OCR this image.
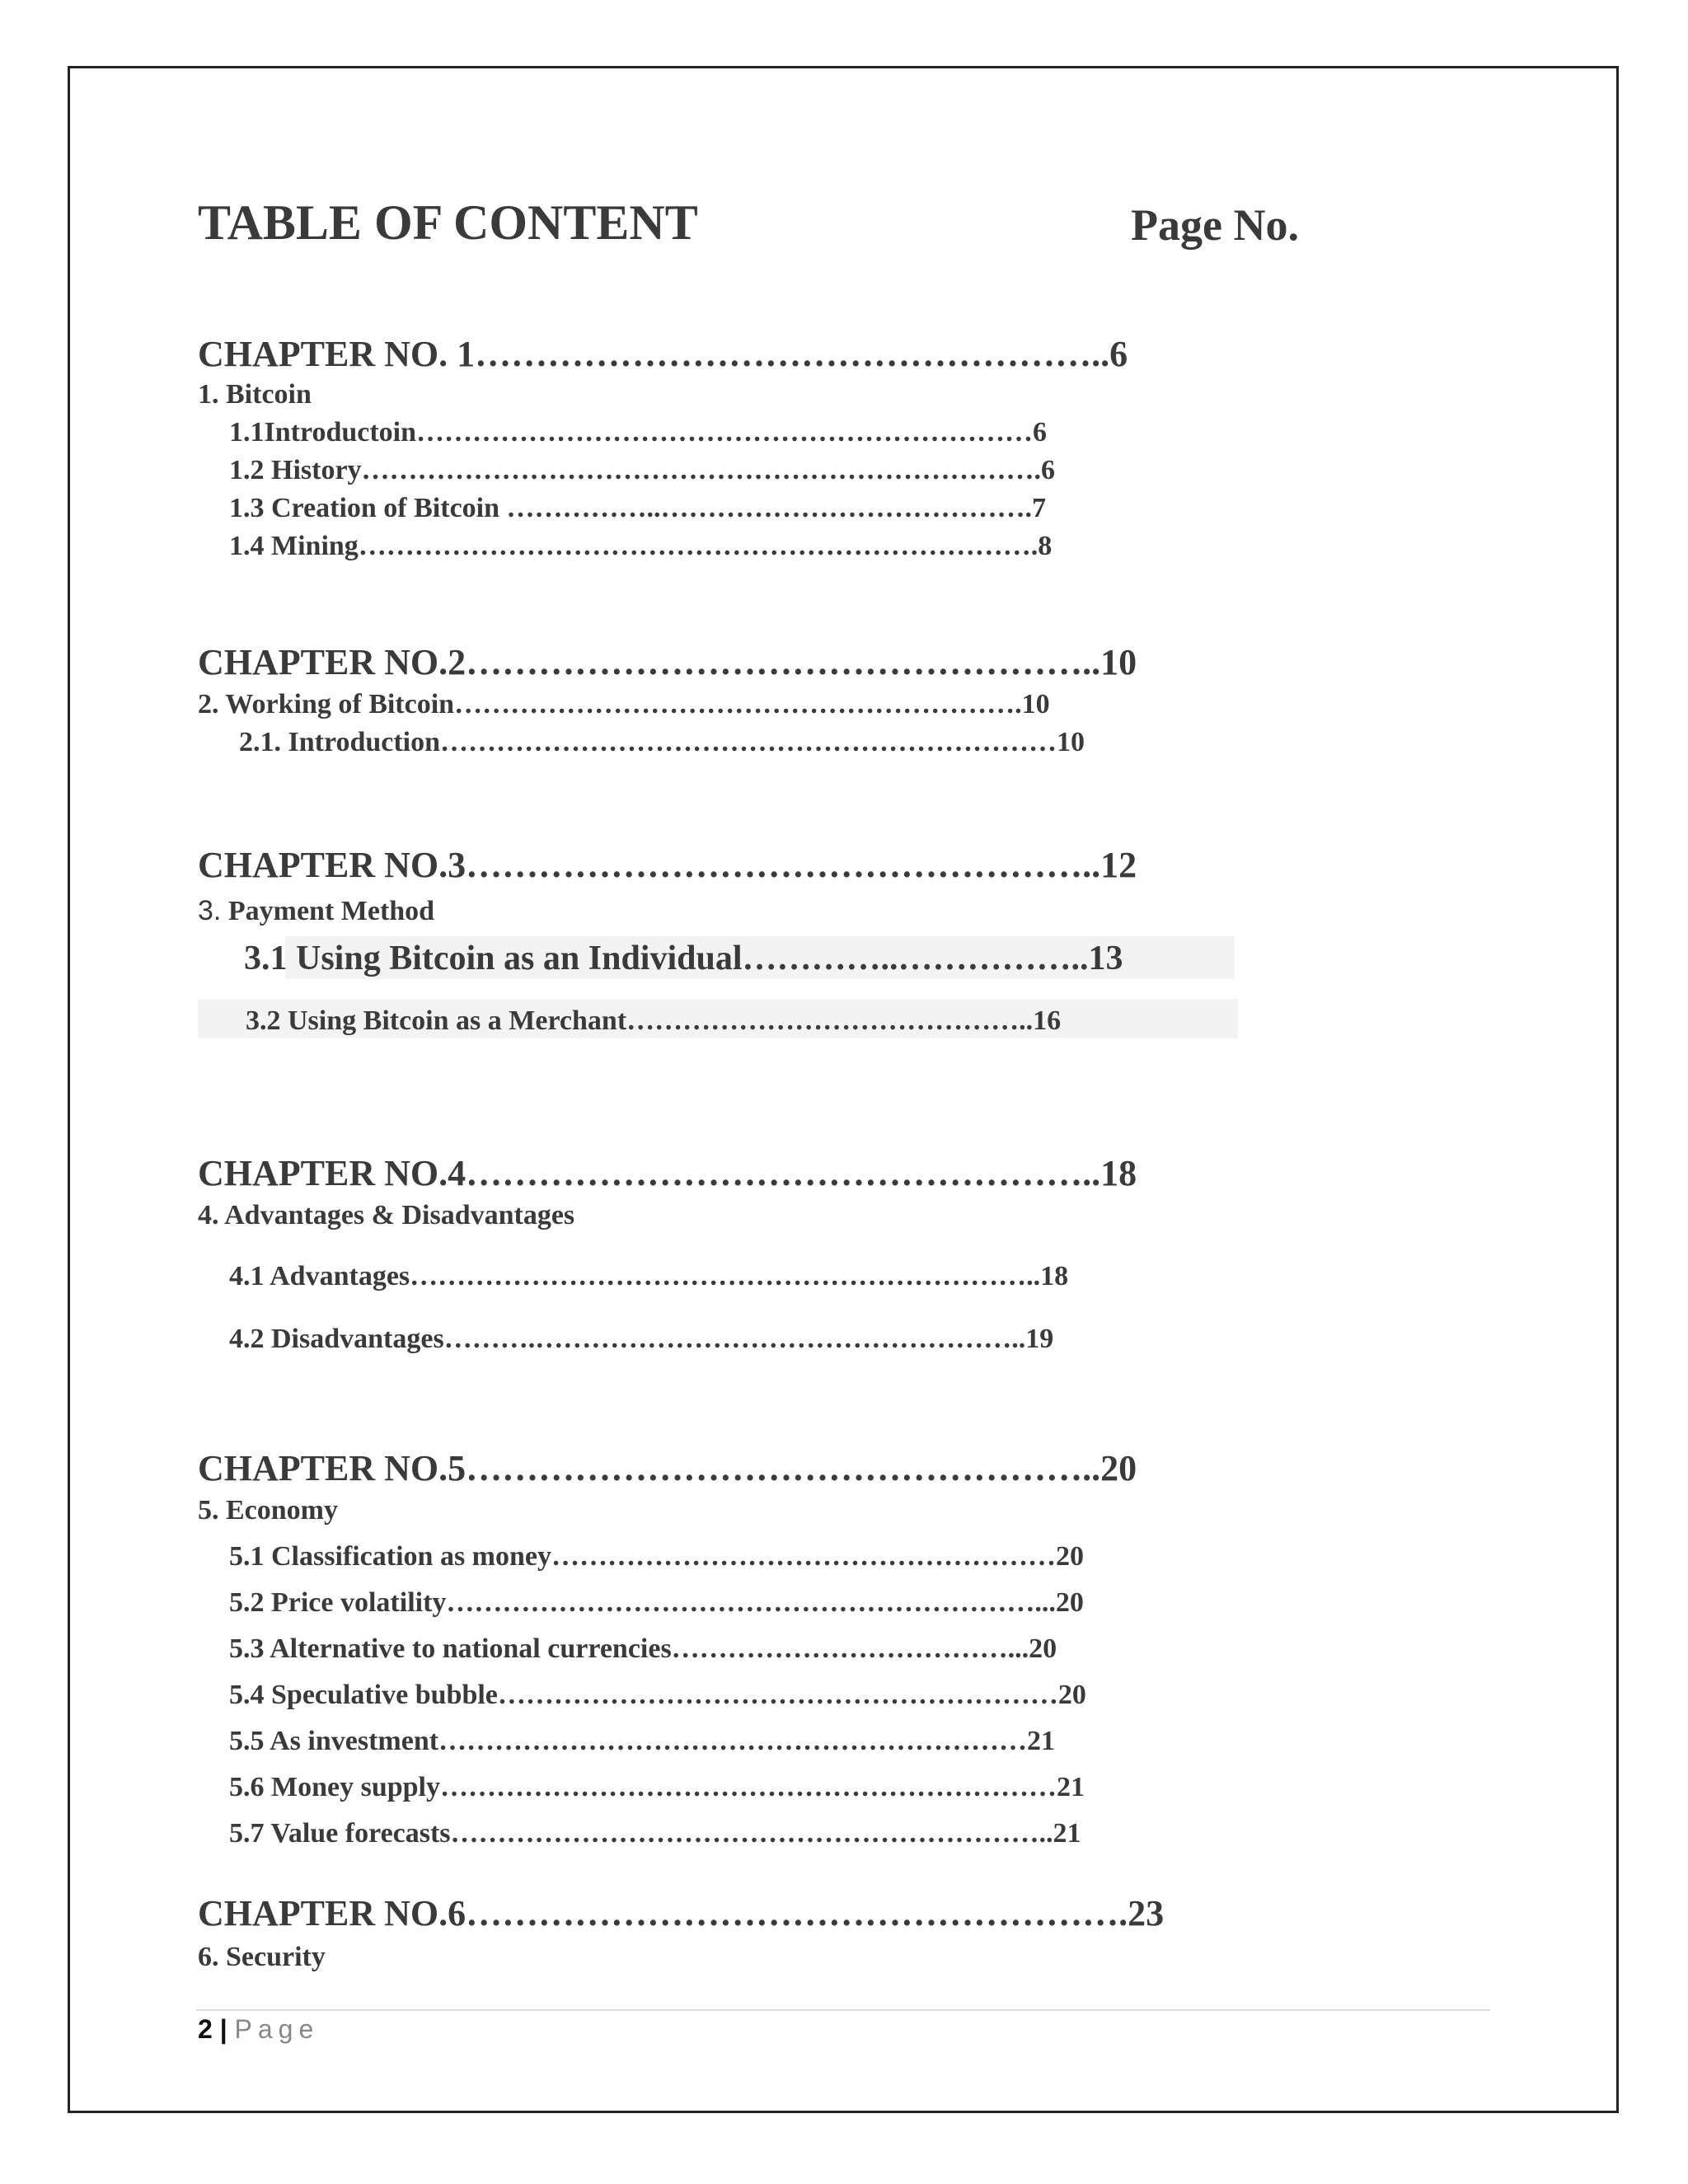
TABLE OF CONTENT	Page No.
CHAPTER NO. 1……………………………………………..6
1. Bitcoin
1.1Introductoin…………………………………………………………6
1.2 History……………………………………………………………….6
1.3 Creation of Bitcoin ……………..………………………………….7
1.4 Mining……………………………………………………………….8
CHAPTER NO.2……………………………………………..10
2. Working of Bitcoin…………………………………………………….10
2.1. Introduction…………………………………………………………10
CHAPTER NO.3……………………………………………..12
3. Payment Method
3.1 Using Bitcoin as an Individual…………..……………..13
3.2 Using Bitcoin as a Merchant……………………………………..16
CHAPTER NO.4……………………………………………..18
4. Advantages & Disadvantages
4.1 Advantages…………………………………………………………..18
4.2 Disadvantages……….……………………………………………..19
CHAPTER NO.5……………………………………………..20
5. Economy
5.1 Classification as money………………………………………………20
5.2 Price volatility………………………………………………………...20
5.3 Alternative to national currencies………………………………...20
5.4 Speculative bubble……………………………………………………20
5.5 As investment………………………………………………………21
5.6 Money supply…………………………………………………………21
5.7 Value forecasts………………………………………………………..21
CHAPTER NO.6……………………………………………….23
6. Security
2 | Page
